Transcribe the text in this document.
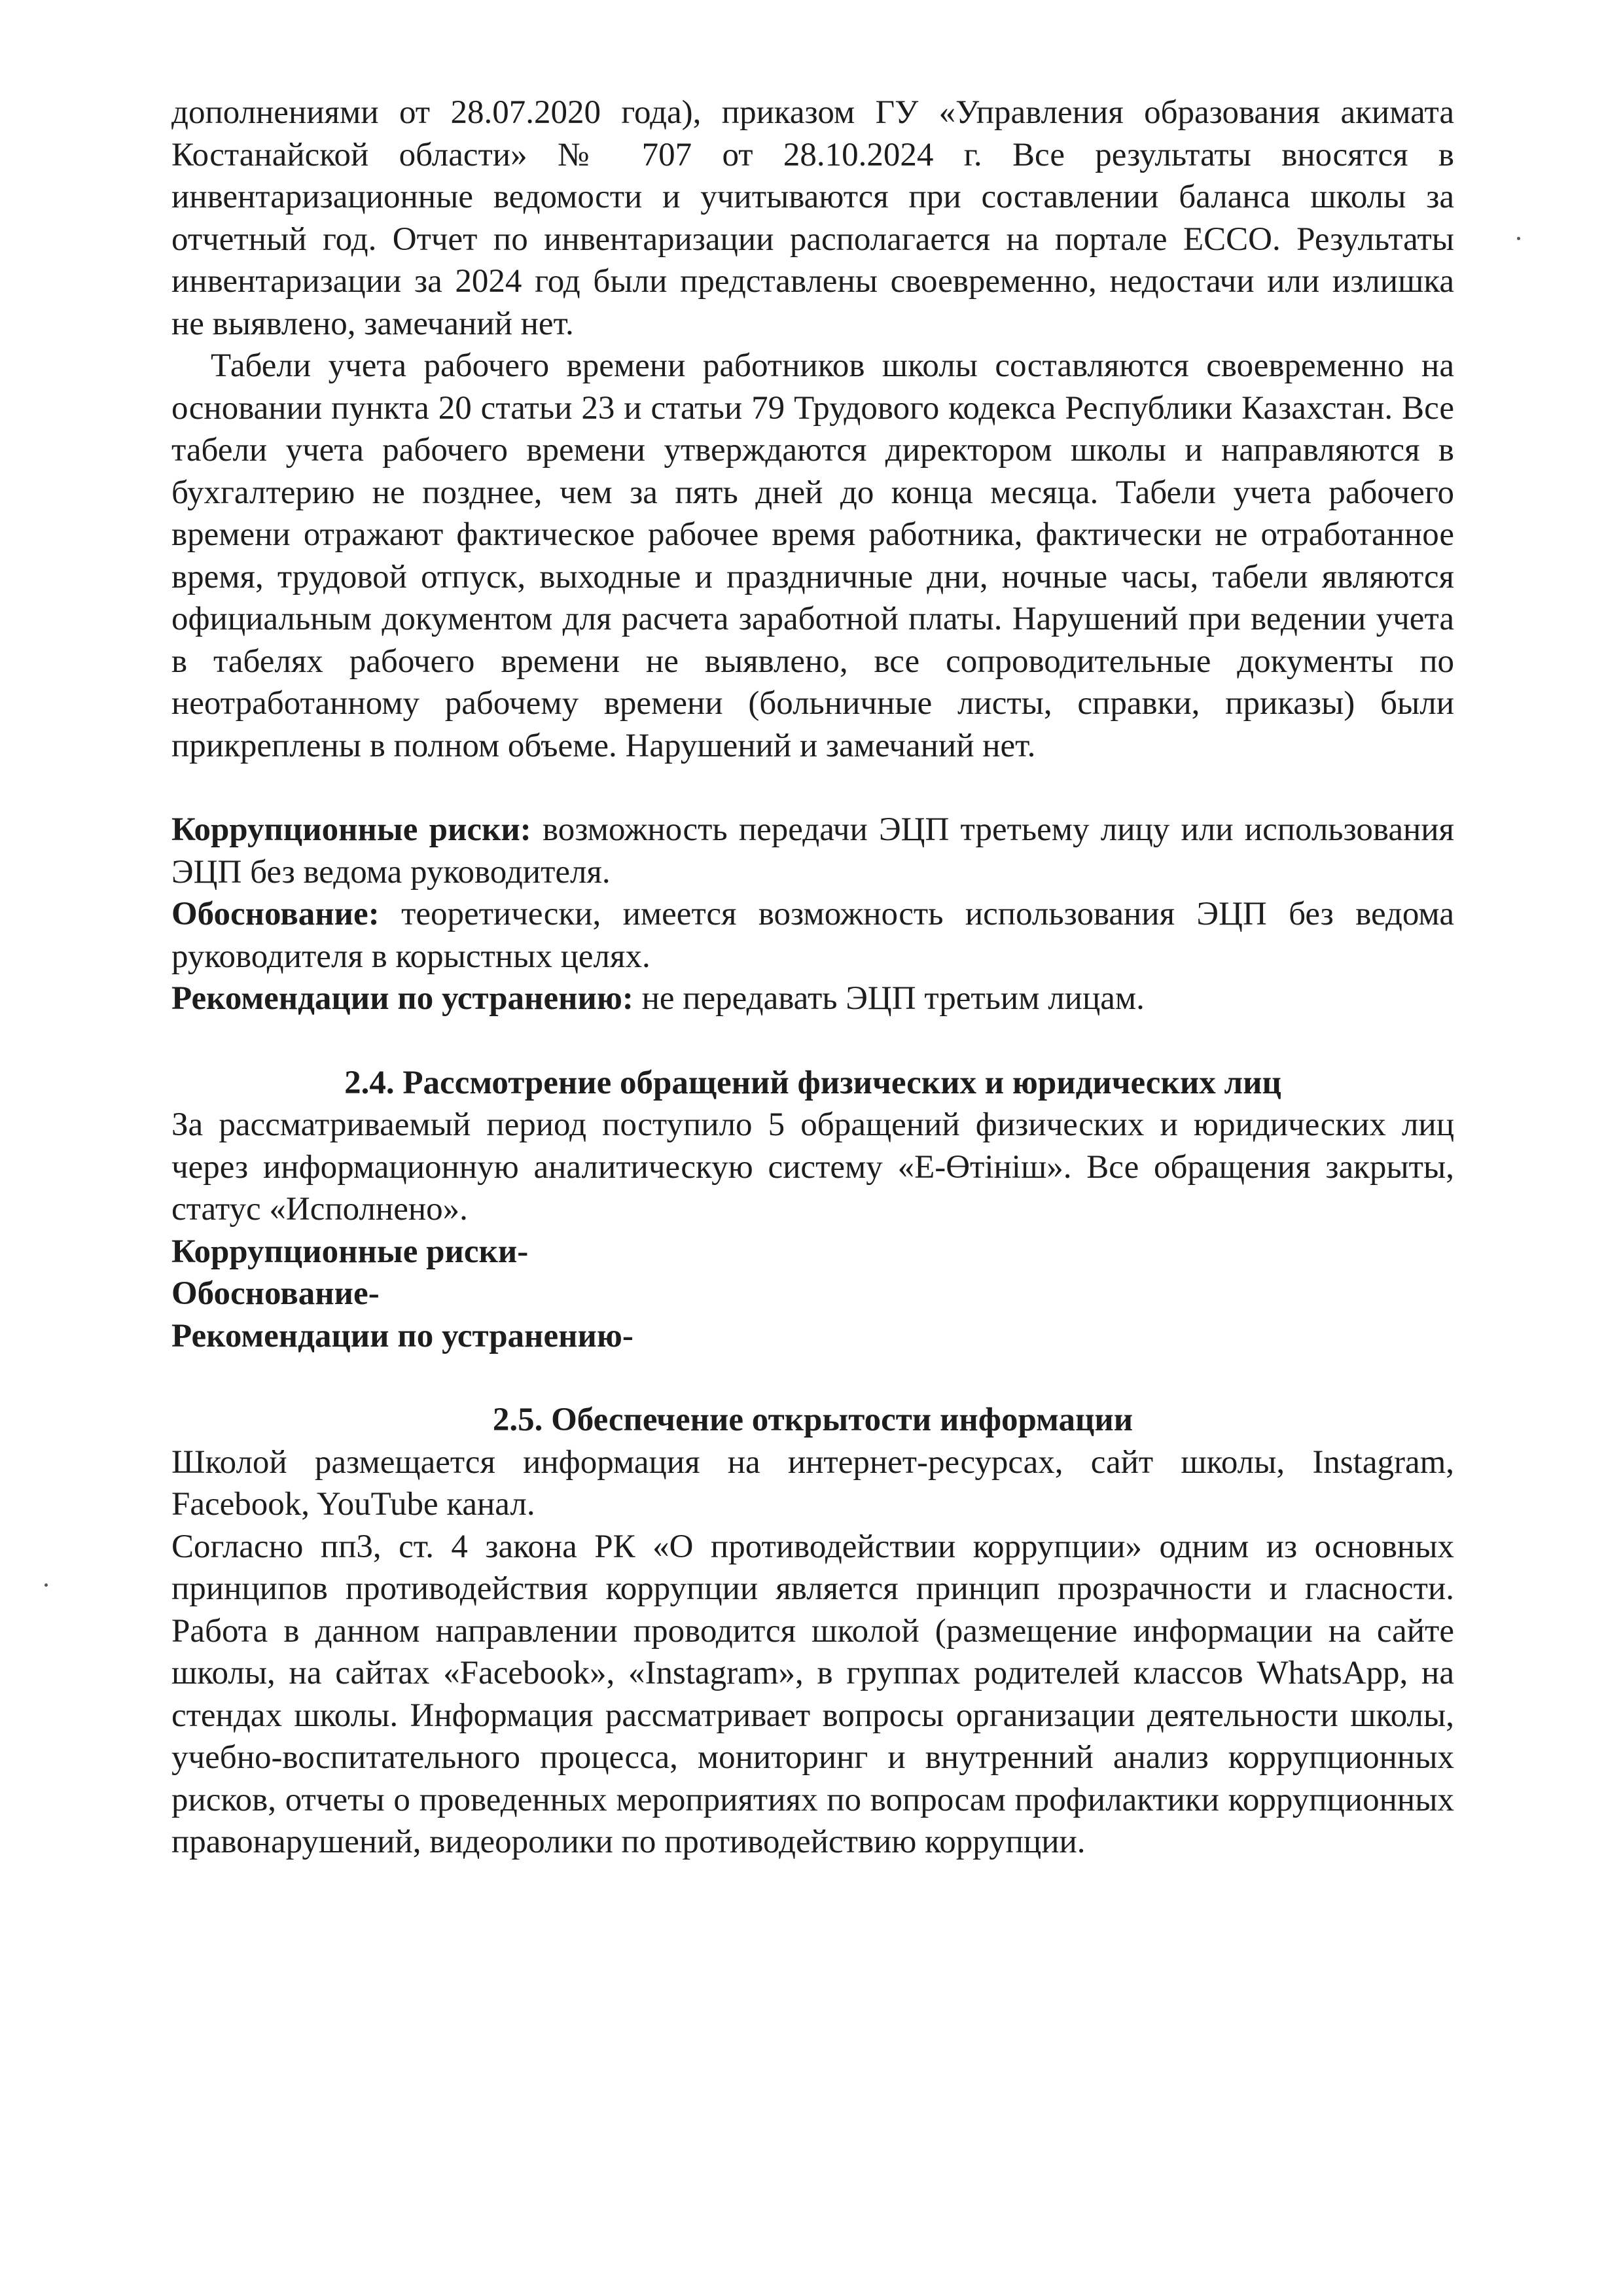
дополнениями от 28.07.2020 года), приказом ГУ «Управления образования акимата Костанайской области» № 707 от 28.10.2024 г. Все результаты вносятся в инвентаризационные ведомости и учитываются при составлении баланса школы за отчетный год. Отчет по инвентаризации располагается на портале ЕССО. Результаты инвентаризации за 2024 год были представлены своевременно, недостачи или излишка не выявлено, замечаний нет.

Табели учета рабочего времени работников школы составляются своевременно на основании пункта 20 статьи 23 и статьи 79 Трудового кодекса Республики Казахстан. Все табели учета рабочего времени утверждаются директором школы и направляются в бухгалтерию не позднее, чем за пять дней до конца месяца. Табели учета рабочего времени отражают фактическое рабочее время работника, фактически не отработанное время, трудовой отпуск, выходные и праздничные дни, ночные часы, табели являются официальным документом для расчета заработной платы. Нарушений при ведении учета в табелях рабочего времени не выявлено, все сопроводительные документы по неотработанному рабочему времени (больничные листы, справки, приказы) были прикреплены в полном объеме. Нарушений и замечаний нет.

Коррупционные риски: возможность передачи ЭЦП третьему лицу или использования ЭЦП без ведома руководителя.

Обоснование: теоретически, имеется возможность использования ЭЦП без ведома руководителя в корыстных целях.

Рекомендации по устранению: не передавать ЭЦП третьим лицам.

2.4. Рассмотрение обращений физических и юридических лиц

За рассматриваемый период поступило 5 обращений физических и юридических лиц через информационную аналитическую систему «Е-Өтініш». Все обращения закрыты, статус «Исполнено».

Коррупционные риски-

Обоснование-

Рекомендации по устранению-

2.5. Обеспечение открытости информации

Школой размещается информация на интернет-ресурсах, сайт школы, Instagram, Facebook, YouTube канал.

Согласно пп3, ст. 4 закона РК «О противодействии коррупции» одним из основных принципов противодействия коррупции является принцип прозрачности и гласности. Работа в данном направлении проводится школой (размещение информации на сайте школы, на сайтах «Facebook», «Instagram», в группах родителей классов WhatsApp, на стендах школы. Информация рассматривает вопросы организации деятельности школы, учебно-воспитательного процесса, мониторинг и внутренний анализ коррупционных рисков, отчеты о проведенных мероприятиях по вопросам профилактики коррупционных правонарушений, видеоролики по противодействию коррупции.
